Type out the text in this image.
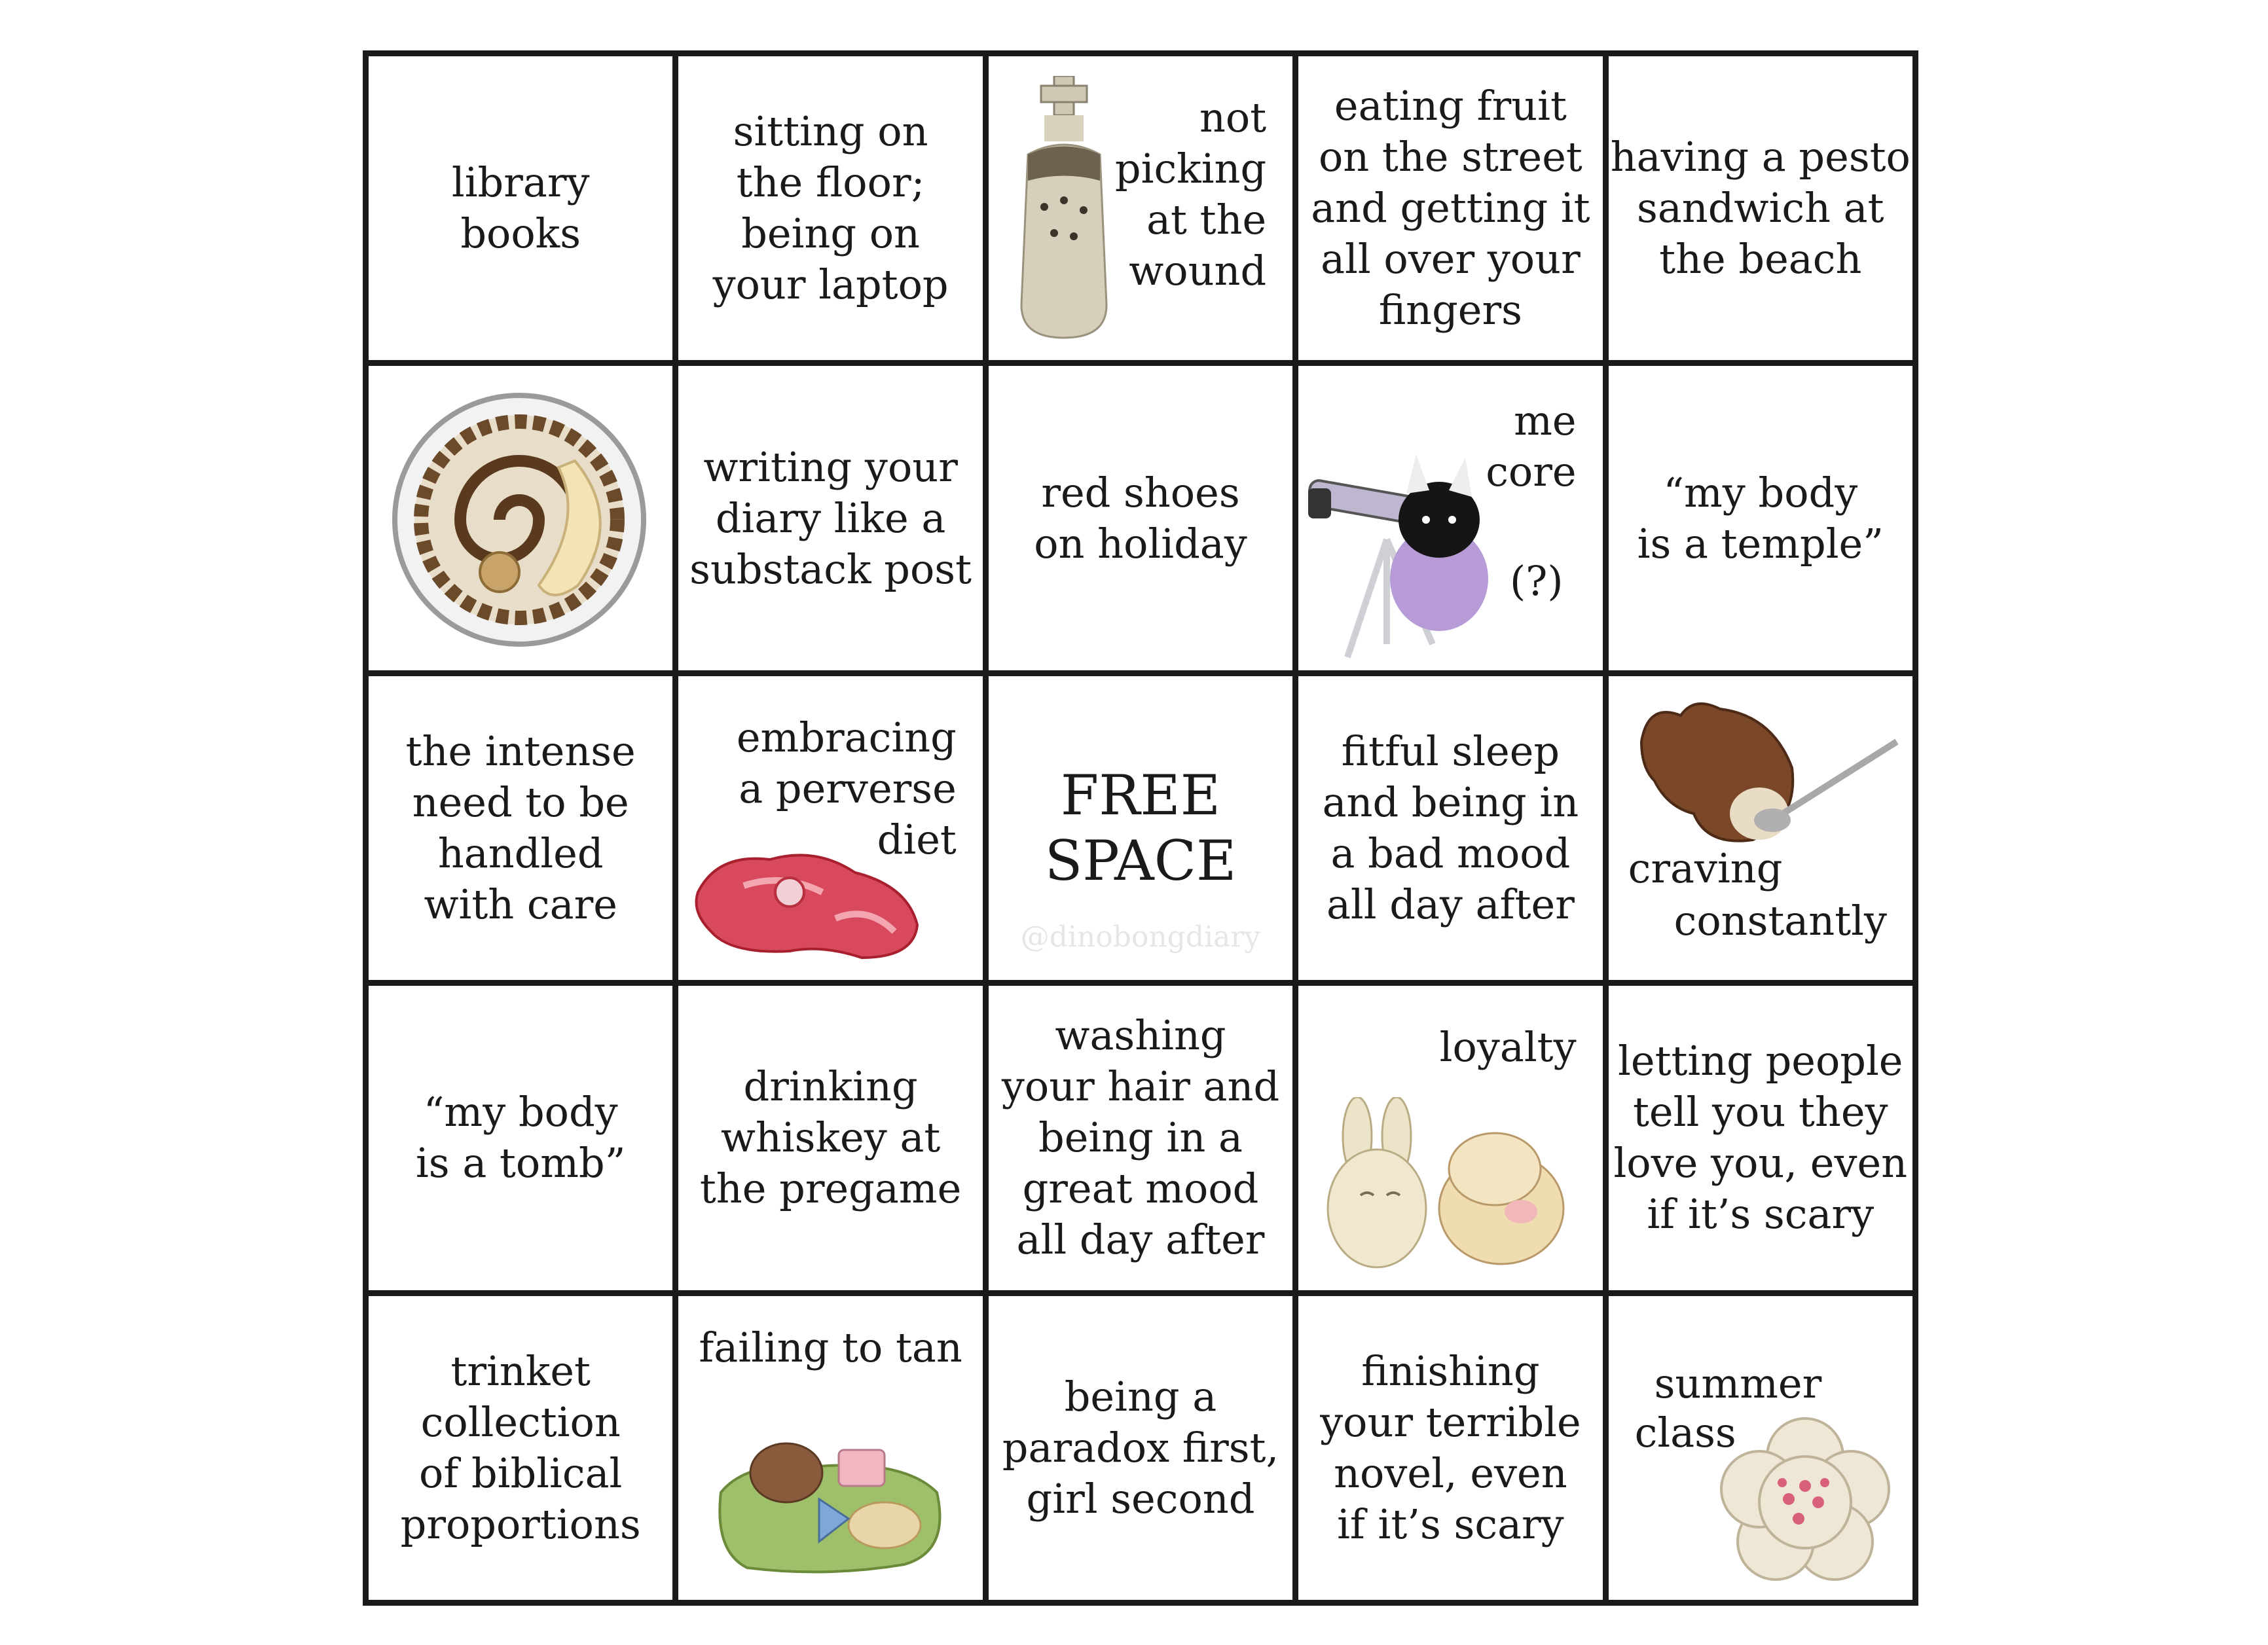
library
books
sitting on
the floor;
being on
your laptop
not
picking
at the
wound
eating fruit
on the street
and getting it
all over your
fingers
having a pesto
sandwich at
the beach
writing your
diary like a
substack post
red shoes
on holiday
me
core
(?)
“my body
is a temple”
the intense
need to be
handled
with care
embracing
a perverse
diet
FREE
SPACE
@dinobongdiary
fitful sleep
and being in
a bad mood
all day after
craving
constantly
“my body
is a tomb”
drinking
whiskey at
the pregame
washing
your hair and
being in a
great mood
all day after
loyalty letting people
tell you they
love you, even
if it’s scary
trinket
collection
of biblical
proportions
failing to tan
being a
paradox first,
girl second
finishing
your terrible
novel, even
if it’s scary
summer
class
